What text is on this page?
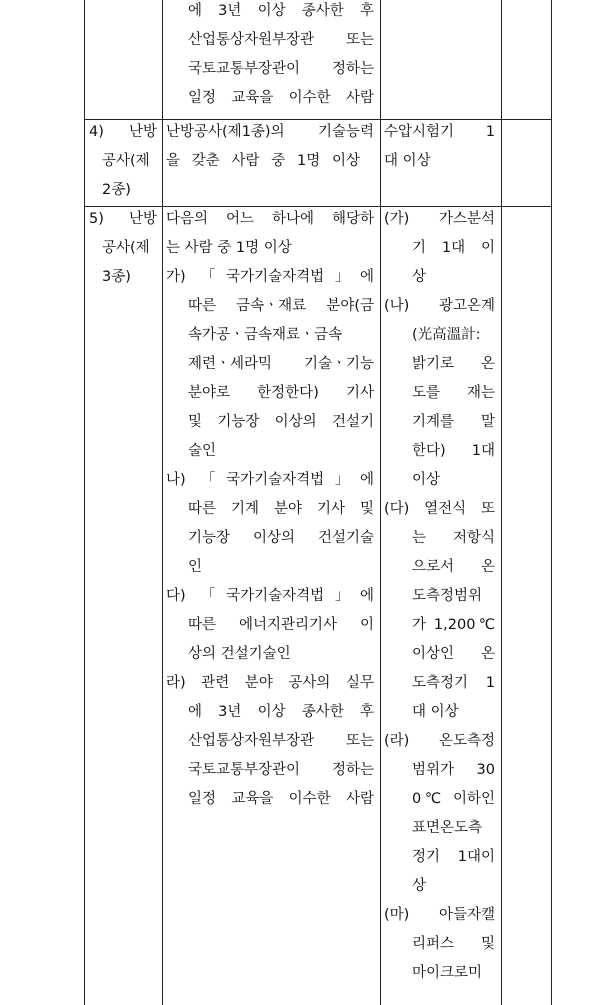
에 3년 이상 종사한 후
산업통상자원부장관 또는
국토교통부장관이 정하는
일정 교육을 이수한 사람
4) 난방
공사(제
2종)
난방공사(제1종)의 기술능력
을 갖춘 사람 중 1명 이상
수압시험기 1
대 이상
5) 난방
공사(제
3종)
다음의 어느 하나에 해당하
는 사람 중 1명 이상
가) 「국가기술자격법」에
따른 금속ㆍ재료 분야(금
속가공ㆍ금속재료ㆍ금속
제련ㆍ세라믹 기술ㆍ기능
분야로 한정한다) 기사
및 기능장 이상의 건설기
술인
나) 「국가기술자격법」에
따른 기계 분야 기사 및
기능장 이상의 건설기술
인
다) 「국가기술자격법」에
따른 에너지관리기사 이
상의 건설기술인
라) 관련 분야 공사의 실무
에 3년 이상 종사한 후
산업통상자원부장관 또는
국토교통부장관이 정하는
일정 교육을 이수한 사람
(가) 가스분석
기 1대 이
상
(나) 광고온계
(光高溫計:
밝기로 온
도를 재는
기계를 말
한다) 1대
이상
(다) 열전식 또
는 저항식
으로서 온
도측정범위
가 1,200℃
이상인 온
도측정기 1
대 이상
(라) 온도측정
범위가 30
0℃ 이하인
표면온도측
정기 1대이
상
(마) 아들자캘
리퍼스 및
마이크로미
